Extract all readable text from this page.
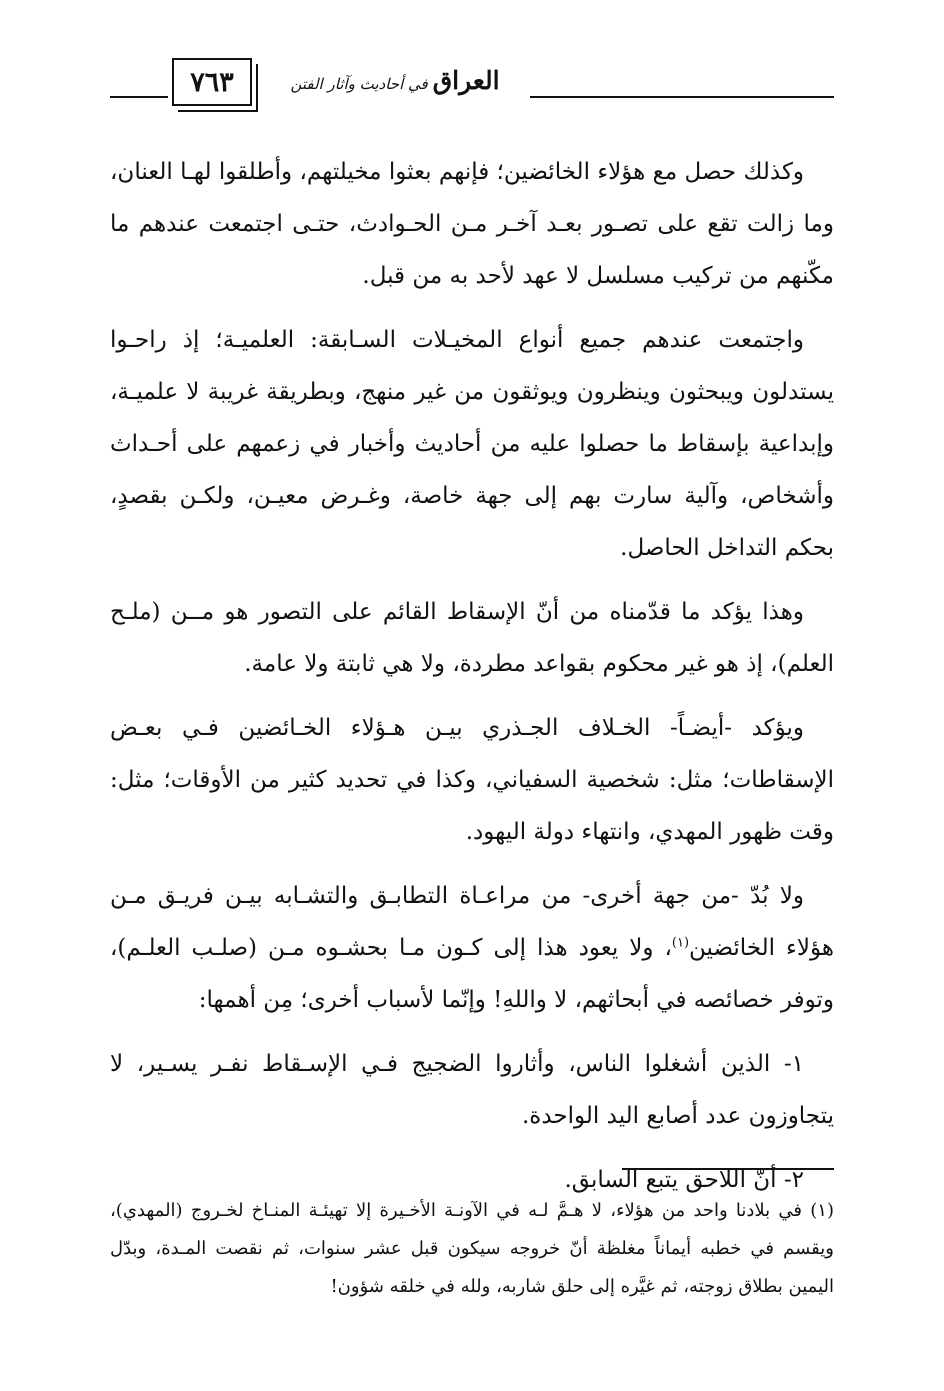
٧٦٣	العراق في أحاديث وآثار الفتن

وكذلك حصل مع هؤلاء الخائضين؛ فإنهم بعثوا مخيلتهم، وأطلقوا لهـا العنان، وما زالت تقع على تصـور بعـد آخـر مـن الحـوادث، حتـى اجتمعت عندهم ما مكّنهم من تركيب مسلسل لا عهد لأحد به من قبل.

واجتمعت عندهم جميع أنواع المخيـلات السـابقة: العلميـة؛ إذ راحـوا يستدلون ويبحثون وينظرون ويوثقون من غير منهج، وبطريقة غريبة لا علميـة، وإبداعية بإسقاط ما حصلوا عليه من أحاديث وأخبار في زعمهم على أحـداث وأشخاص، وآلية سارت بهم إلى جهة خاصة، وغـرض معيـن، ولكـن بقصدٍ، بحكم التداخل الحاصل.

وهذا يؤكد ما قدّمناه من أنّ الإسقاط القائم على التصور هو مــن (ملـح العلم)، إذ هو غير محكوم بقواعد مطردة، ولا هي ثابتة ولا عامة.

ويؤكد -أيضـاً- الخـلاف الجـذري بيـن هـؤلاء الخـائضين فـي بعـض الإسقاطات؛ مثل: شخصية السفياني، وكذا في تحديد كثير من الأوقات؛ مثل: وقت ظهور المهدي، وانتهاء دولة اليهود.

ولا بُدّ -من جهة أخرى- من مراعـاة التطابـق والتشـابه بيـن فريـق مـن هؤلاء الخائضين$^{(١)}$، ولا يعود هذا إلى كـون مـا بحشـوه مـن (صلـب العلـم)، وتوفر خصائصه في أبحاثهم، لا واللهِ! وإنّما لأسباب أخرى؛ مِن أهمها:

١- الذين أشغلوا الناس، وأثاروا الضجيج فـي الإسـقاط نفـر يسـير، لا يتجاوزون عدد أصابع اليد الواحدة.

٢- أنّ اللاحق يتبع السابق.

(١) في بلادنا واحد من هؤلاء، لا هـمَّ لـه في الآونـة الأخـيرة إلا تهيئـة المنـاخ لخـروج (المهدي)، ويقسم في خطبه أيماناً مغلظة أنّ خروجه سيكون قبل عشر سنوات، ثم نقصت المـدة، وبدّل اليمين بطلاق زوجته، ثم غيَّره إلى حلق شاربه، ولله في خلقه شؤون!
